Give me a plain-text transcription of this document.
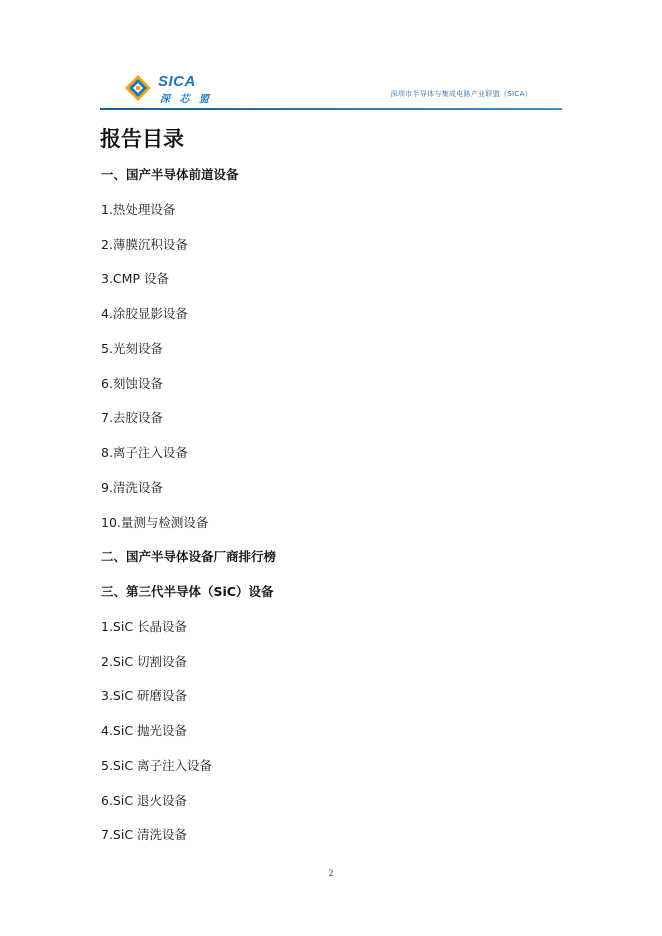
SICA
深 芯 盟	深圳市半导体与集成电路产业联盟（SICA）
报告目录
一、国产半导体前道设备
1.热处理设备
2.薄膜沉积设备
3.CMP 设备
4.涂胶显影设备
5.光刻设备
6.刻蚀设备
7.去胶设备
8.离子注入设备
9.清洗设备
10.量测与检测设备
二、国产半导体设备厂商排行榜
三、第三代半导体（SiC）设备
1.SiC 长晶设备
2.SiC 切割设备
3.SiC 研磨设备
4.SiC 抛光设备
5.SiC 离子注入设备
6.SiC 退火设备
7.SiC 清洗设备
2
